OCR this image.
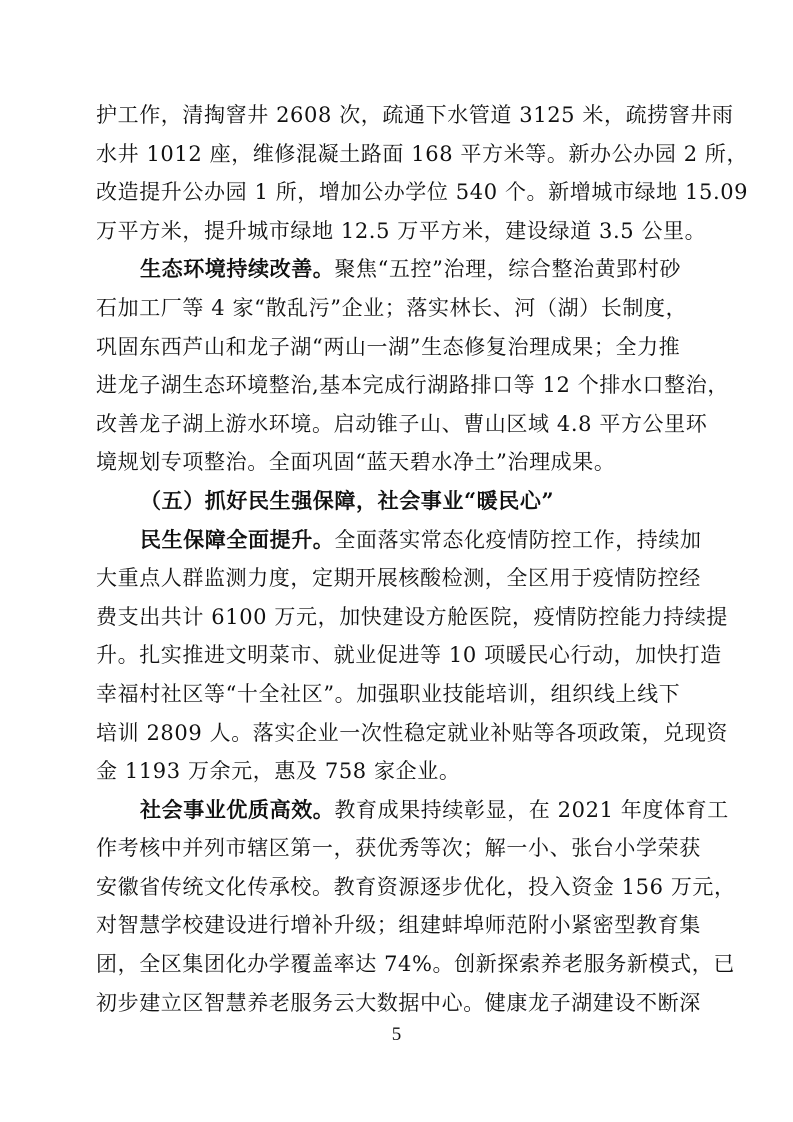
护工作，清掏窨井 2608 次，疏通下水管道 3125 米，疏捞窨井雨
水井 1012 座，维修混凝土路面 168 平方米等。新办公办园 2 所，
改造提升公办园 1 所，增加公办学位 540 个。新增城市绿地 15.09
万平方米，提升城市绿地 12.5 万平方米，建设绿道 3.5 公里。
生态环境持续改善。聚焦“五控”治理，综合整治黄郢村砂
石加工厂等 4 家“散乱污”企业；落实林长、河（湖）长制度，
巩固东西芦山和龙子湖“两山一湖”生态修复治理成果；全力推
进龙子湖生态环境整治,基本完成行湖路排口等 12 个排水口整治，
改善龙子湖上游水环境。启动锥子山、曹山区域 4.8 平方公里环
境规划专项整治。全面巩固“蓝天碧水净土”治理成果。
（五）抓好民生强保障，社会事业“暖民心”
民生保障全面提升。全面落实常态化疫情防控工作，持续加
大重点人群监测力度，定期开展核酸检测，全区用于疫情防控经
费支出共计 6100 万元，加快建设方舱医院，疫情防控能力持续提
升。扎实推进文明菜市、就业促进等 10 项暖民心行动，加快打造
幸福村社区等“十全社区”。加强职业技能培训，组织线上线下
培训 2809 人。落实企业一次性稳定就业补贴等各项政策，兑现资
金 1193 万余元，惠及 758 家企业。
社会事业优质高效。教育成果持续彰显，在 2021 年度体育工
作考核中并列市辖区第一，获优秀等次；解一小、张台小学荣获
安徽省传统文化传承校。教育资源逐步优化，投入资金 156 万元，
对智慧学校建设进行增补升级；组建蚌埠师范附小紧密型教育集
团，全区集团化办学覆盖率达 74%。创新探索养老服务新模式，已
初步建立区智慧养老服务云大数据中心。健康龙子湖建设不断深
5
